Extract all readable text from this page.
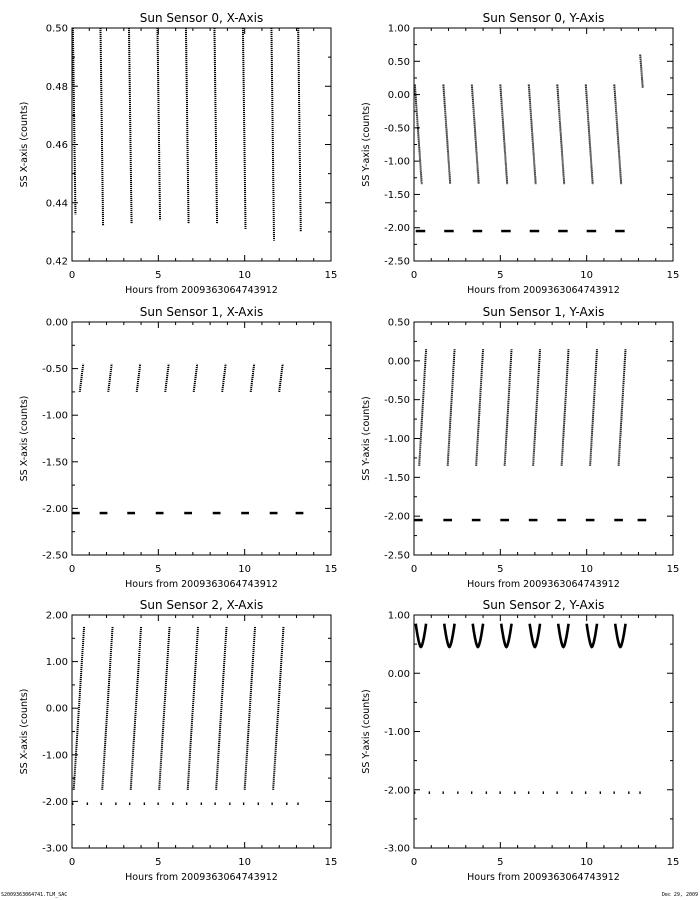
Sun Sensor 0, X-Axis
Hours from 2009363064743912
SS X-axis (counts)
0	5	10	15
0.42
0.44
0.46
0.48
0.50
Sun Sensor 0, Y-Axis
Hours from 2009363064743912
SS Y-axis (counts)
0	5	10	15
-2.50
-2.00
-1.50
-1.00
-0.50
0.00
0.50
1.00
Sun Sensor 1, X-Axis
Hours from 2009363064743912
SS X-axis (counts)
0	5	10	15
-2.50
-2.00
-1.50
-1.00
-0.50
0.00
Sun Sensor 1, Y-Axis
Hours from 2009363064743912
SS Y-axis (counts)
0	5	10	15
-2.50
-2.00
-1.50
-1.00
-0.50
0.00
0.50
Sun Sensor 2, X-Axis
Hours from 2009363064743912
SS X-axis (counts)
0	5	10	15
-3.00
-2.00
-1.00
0.00
1.00
2.00
Sun Sensor 2, Y-Axis
Hours from 2009363064743912
SS Y-axis (counts)
0	5	10	15
-3.00
-2.00
-1.00
0.00
1.00
S2009363064741.TLM_SAC	Dec 29, 2009
